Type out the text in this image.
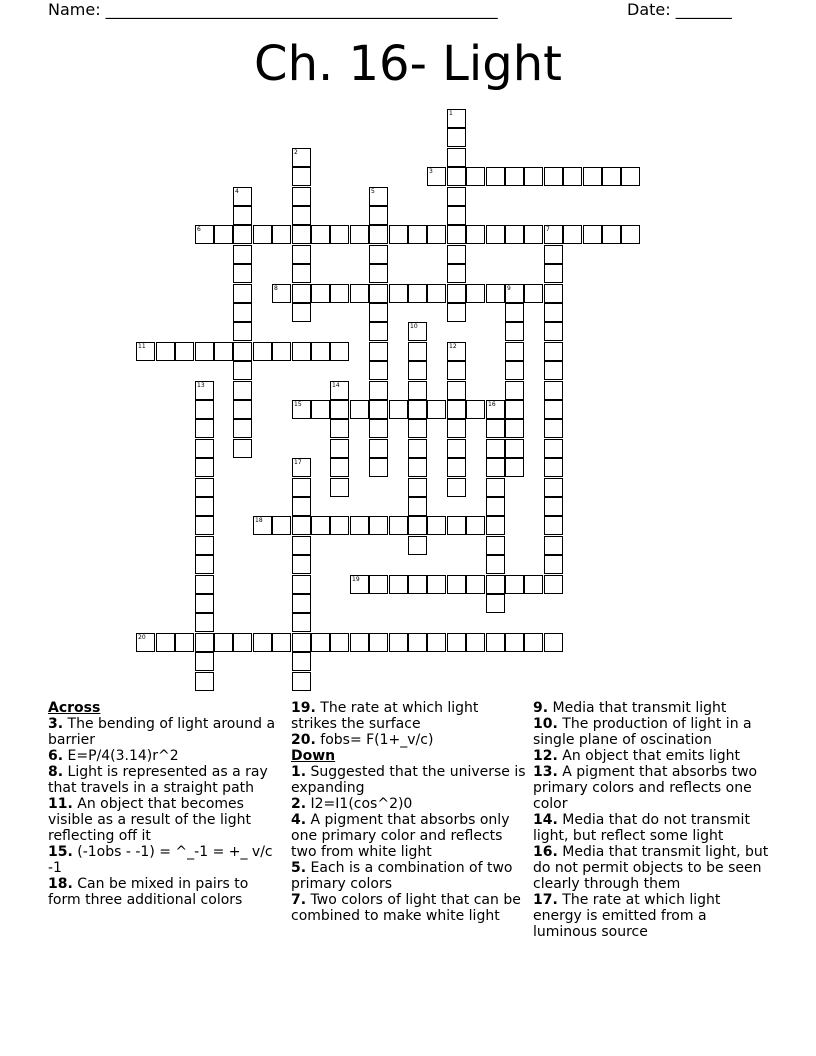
Name: _________________________________________________	Date: _______
Ch. 16- Light
1
2
3
4	5
6	7
8	9
10
11	12
13	14
15	16
17
18
19
20
Across

3. The bending of light around a barrier

6. E=P/4(3.14)r^2

8. Light is represented as a ray that travels in a straight path

11. An object that becomes visible as a result of the light reflecting off it

15. (-1obs - -1) = ^_-1 = +_ v/c -1

18. Can be mixed in pairs to form three additional colors

19. The rate at which light strikes the surface

20. fobs= F(1+_v/c)

Down

1. Suggested that the universe is expanding

2. I2=I1(cos^2)0

4. A pigment that absorbs only one primary color and reflects two from white light

5. Each is a combination of two primary colors

7. Two colors of light that can be combined to make white light

9. Media that transmit light

10. The production of light in a single plane of oscination

12. An object that emits light

13. A pigment that absorbs two primary colors and reflects one color

14. Media that do not transmit light, but reflect some light

16. Media that transmit light, but do not permit objects to be seen clearly through them

17. The rate at which light energy is emitted from a luminous source
